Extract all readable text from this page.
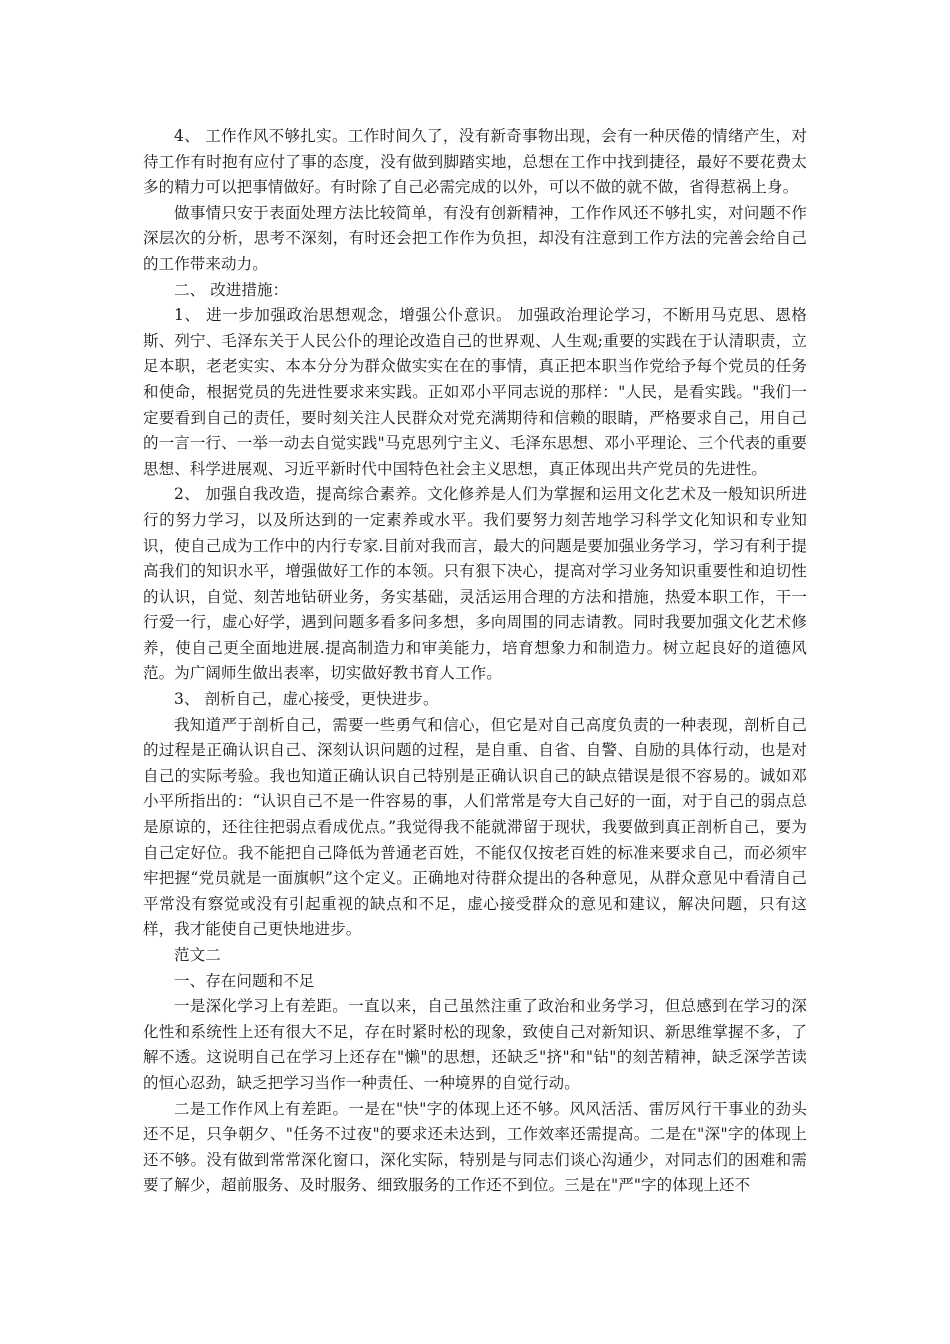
4、 工作作风不够扎实。工作时间久了，没有新奇事物出现，会有一种厌倦的情绪产生，对待工作有时抱有应付了事的态度，没有做到脚踏实地，总想在工作中找到捷径，最好不要花费太多的精力可以把事情做好。有时除了自己必需完成的以外，可以不做的就不做，省得惹祸上身。

做事情只安于表面处理方法比较简单，有没有创新精神，工作作风还不够扎实，对问题不作深层次的分析，思考不深刻，有时还会把工作作为负担，却没有注意到工作方法的完善会给自己的工作带来动力。

二、 改进措施：

1、 进一步加强政治思想观念，增强公仆意识。 加强政治理论学习，不断用马克思、恩格斯、列宁、毛泽东关于人民公仆的理论改造自己的世界观、人生观;重要的实践在于认清职责，立足本职，老老实实、本本分分为群众做实实在在的事情，真正把本职当作党给予每个党员的任务和使命，根据党员的先进性要求来实践。正如邓小平同志说的那样："人民，是看实践。"我们一定要看到自己的责任，要时刻关注人民群众对党充满期待和信赖的眼睛，严格要求自己，用自己的一言一行、一举一动去自觉实践"马克思列宁主义、毛泽东思想、邓小平理论、三个代表的重要思想、科学进展观、习近平新时代中国特色社会主义思想，真正体现出共产党员的先进性。

2、 加强自我改造，提高综合素养。文化修养是人们为掌握和运用文化艺术及一般知识所进行的努力学习，以及所达到的一定素养或水平。我们要努力刻苦地学习科学文化知识和专业知识，使自己成为工作中的内行专家.目前对我而言，最大的问题是要加强业务学习，学习有利于提高我们的知识水平，增强做好工作的本领。只有狠下决心，提高对学习业务知识重要性和迫切性的认识，自觉、刻苦地钻研业务，务实基础，灵活运用合理的方法和措施，热爱本职工作，干一行爱一行，虚心好学，遇到问题多看多问多想，多向周围的同志请教。同时我要加强文化艺术修养，使自己更全面地进展.提高制造力和审美能力，培育想象力和制造力。树立起良好的道德风范。为广阔师生做出表率，切实做好教书育人工作。

3、 剖析自己，虚心接受，更快进步。

我知道严于剖析自己，需要一些勇气和信心，但它是对自己高度负责的一种表现，剖析自己的过程是正确认识自己、深刻认识问题的过程，是自重、自省、自警、自励的具体行动，也是对自己的实际考验。我也知道正确认识自己特别是正确认识自己的缺点错误是很不容易的。诚如邓小平所指出的：“认识自己不是一件容易的事，人们常常是夸大自己好的一面，对于自己的弱点总是原谅的，还往往把弱点看成优点。”我觉得我不能就滞留于现状，我要做到真正剖析自己，要为自己定好位。我不能把自己降低为普通老百姓，不能仅仅按老百姓的标准来要求自己，而必须牢牢把握“党员就是一面旗帜”这个定义。正确地对待群众提出的各种意见，从群众意见中看清自己平常没有察觉或没有引起重视的缺点和不足，虚心接受群众的意见和建议，解决问题，只有这样，我才能使自己更快地进步。

范文二

一、存在问题和不足

一是深化学习上有差距。一直以来，自己虽然注重了政治和业务学习，但总感到在学习的深化性和系统性上还有很大不足，存在时紧时松的现象，致使自己对新知识、新思维掌握不多，了解不透。这说明自己在学习上还存在"懒"的思想，还缺乏"挤"和"钻"的刻苦精神，缺乏深学苦读的恒心忍劲，缺乏把学习当作一种责任、一种境界的自觉行动。

二是工作作风上有差距。一是在"快"字的体现上还不够。风风活活、雷厉风行干事业的劲头还不足，只争朝夕、"任务不过夜"的要求还未达到，工作效率还需提高。二是在"深"字的体现上还不够。没有做到常常深化窗口，深化实际，特别是与同志们谈心沟通少，对同志们的困难和需要了解少，超前服务、及时服务、细致服务的工作还不到位。三是在"严"字的体现上还不
